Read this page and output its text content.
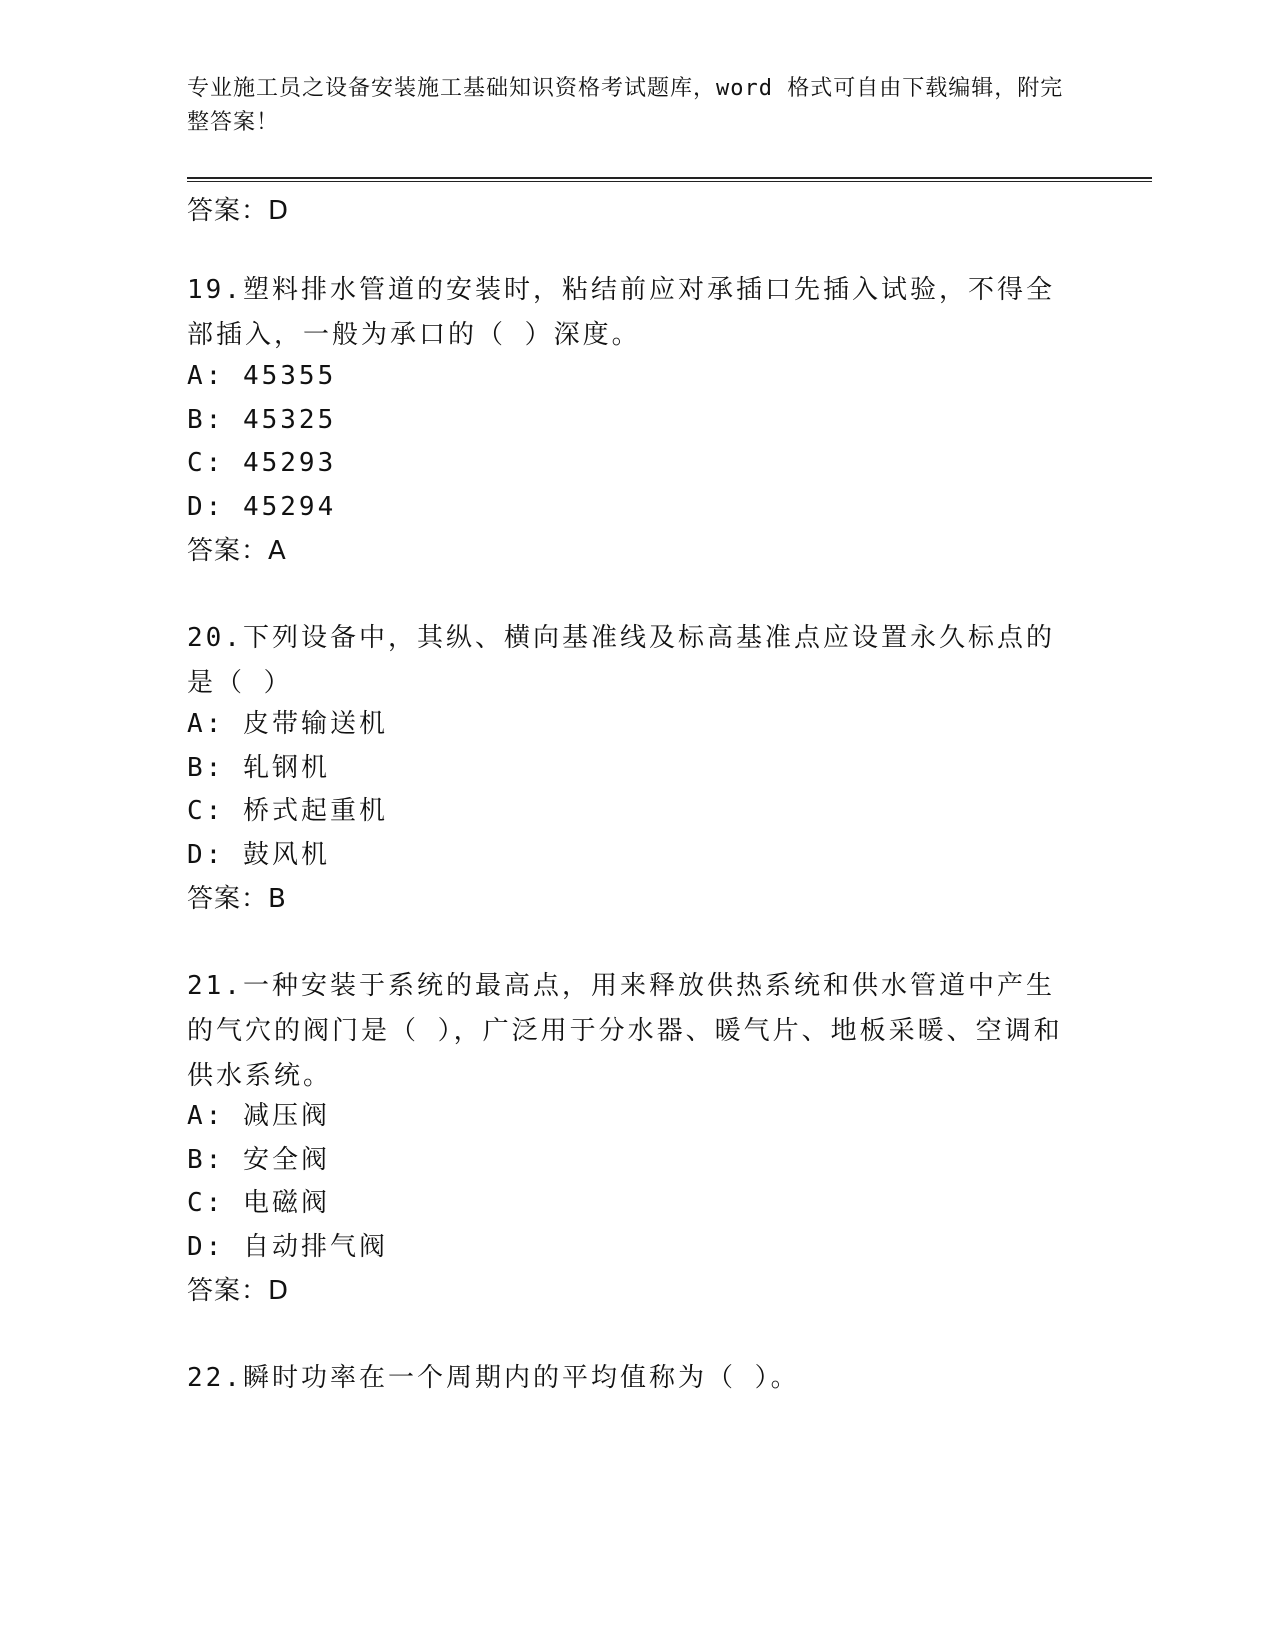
专业施工员之设备安装施工基础知识资格考试题库，word 格式可自由下载编辑，附完整答案！
答案：D
19.塑料排水管道的安装时，粘结前应对承插口先插入试验，不得全部插入，一般为承口的（ ）深度。
A: 45355
B: 45325
C: 45293
D: 45294
答案：A
20.下列设备中，其纵、横向基准线及标高基准点应设置永久标点的是（ ）
A: 皮带输送机
B: 轧钢机
C: 桥式起重机
D: 鼓风机
答案：B
21.一种安装于系统的最高点，用来释放供热系统和供水管道中产生的气穴的阀门是（ ），广泛用于分水器、暖气片、地板采暖、空调和供水系统。
A: 减压阀
B: 安全阀
C: 电磁阀
D: 自动排气阀
答案：D
22.瞬时功率在一个周期内的平均值称为（ ）。
